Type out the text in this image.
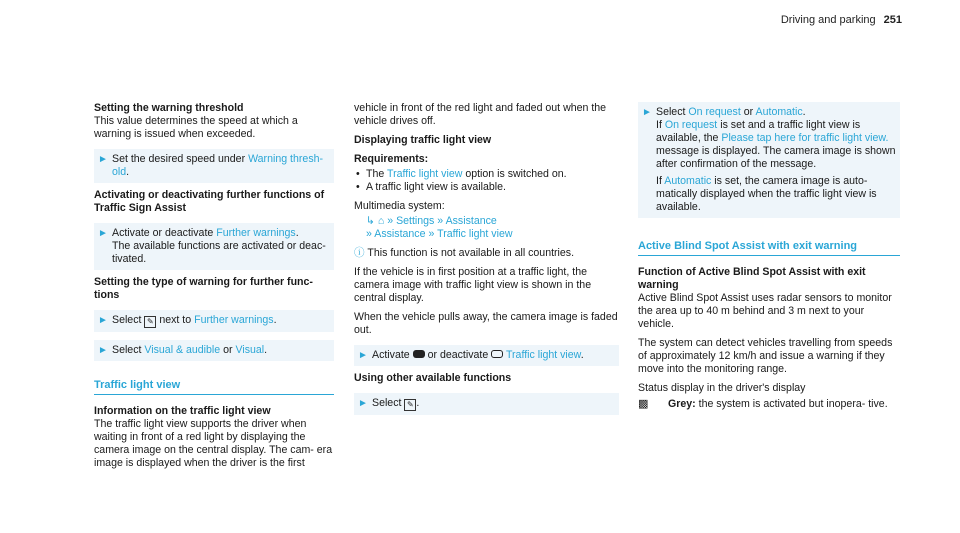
Driving and parking 251

Setting the warning threshold
This value determines the speed at which a warning is issued when exceeded.

► Set the desired speed under Warning thresh- old.

Activating or deactivating further functions of Traffic Sign Assist

► Activate or deactivate Further warnings.
The available functions are activated or deac- tivated.

Setting the type of warning for further func- tions

► Select ✎ next to Further warnings.
► Select Visual & audible or Visual.
Traffic light view

Information on the traffic light view
The traffic light view supports the driver when waiting in front of a red light by displaying the camera image on the central display. The cam- era image is displayed when the driver is the first

vehicle in front of the red light and faded out when the vehicle drives off.

Displaying traffic light view

Requirements:

• The Traffic light view option is switched on.

• A traffic light view is available.

Multimedia system:

↳ ⌂ » Settings » Assistance
» Assistance » Traffic light view

ⓘ This function is not available in all countries.

If the vehicle is in first position at a traffic light, the camera image with traffic light view is shown in the central display.

When the vehicle pulls away, the camera image is faded out.

► Activate  or deactivate  Traffic light view.

Using other available functions

► Select ✎ .
► Select On request or Automatic.
If On request is set and a traffic light view is available, the Please tap here for traffic light view. message is displayed. The camera image is shown after confirmation of the message.

If Automatic is set, the camera image is auto- matically displayed when the traffic light view is available.
Active Blind Spot Assist with exit warning

Function of Active Blind Spot Assist with exit warning

Active Blind Spot Assist uses radar sensors to monitor the area up to 40 m behind and 3 m next to your vehicle.

The system can detect vehicles travelling from speeds of approximately 12 km/h and issue a warning if they move into the monitoring range.

Status display in the driver's display

▩ Grey: the system is activated but inopera- tive.
